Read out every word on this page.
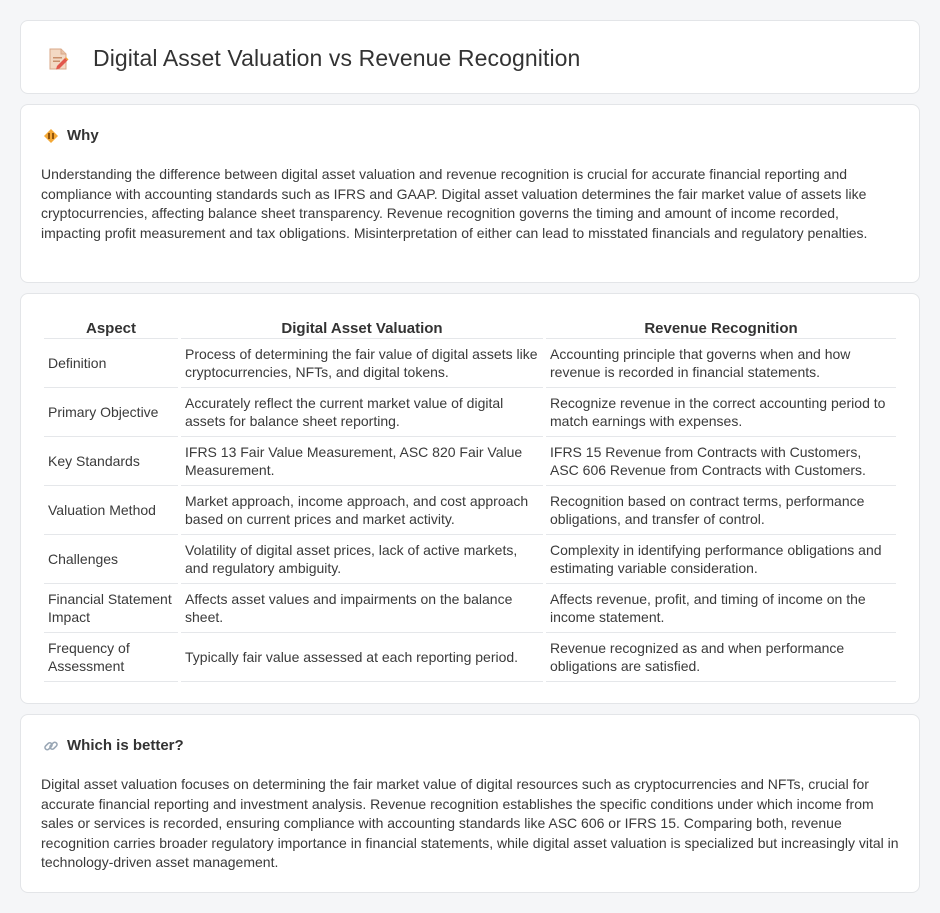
Digital Asset Valuation vs Revenue Recognition
Why

Understanding the difference between digital asset valuation and revenue recognition is crucial for accurate financial reporting and compliance with accounting standards such as IFRS and GAAP. Digital asset valuation determines the fair market value of assets like cryptocurrencies, affecting balance sheet transparency. Revenue recognition governs the timing and amount of income recorded, impacting profit measurement and tax obligations. Misinterpretation of either can lead to misstated financials and regulatory penalties.

Aspect	Digital Asset Valuation	Revenue Recognition
Definition	Process of determining the fair value of digital assets like cryptocurrencies, NFTs, and digital tokens.	Accounting principle that governs when and how revenue is recorded in financial statements.
Primary Objective	Accurately reflect the current market value of digital assets for balance sheet reporting.	Recognize revenue in the correct accounting period to match earnings with expenses.
Key Standards	IFRS 13 Fair Value Measurement, ASC 820 Fair Value Measurement.	IFRS 15 Revenue from Contracts with Customers, ASC 606 Revenue from Contracts with Customers.
Valuation Method	Market approach, income approach, and cost approach based on current prices and market activity.	Recognition based on contract terms, performance obligations, and transfer of control.
Challenges	Volatility of digital asset prices, lack of active markets, and regulatory ambiguity.	Complexity in identifying performance obligations and estimating variable consideration.
Financial Statement Impact	Affects asset values and impairments on the balance sheet.	Affects revenue, profit, and timing of income on the income statement.
Frequency of Assessment	Typically fair value assessed at each reporting period.	Revenue recognized as and when performance obligations are satisfied.
Which is better?

Digital asset valuation focuses on determining the fair market value of digital resources such as cryptocurrencies and NFTs, crucial for accurate financial reporting and investment analysis. Revenue recognition establishes the specific conditions under which income from sales or services is recorded, ensuring compliance with accounting standards like ASC 606 or IFRS 15. Comparing both, revenue recognition carries broader regulatory importance in financial statements, while digital asset valuation is specialized but increasingly vital in technology-driven asset management.
